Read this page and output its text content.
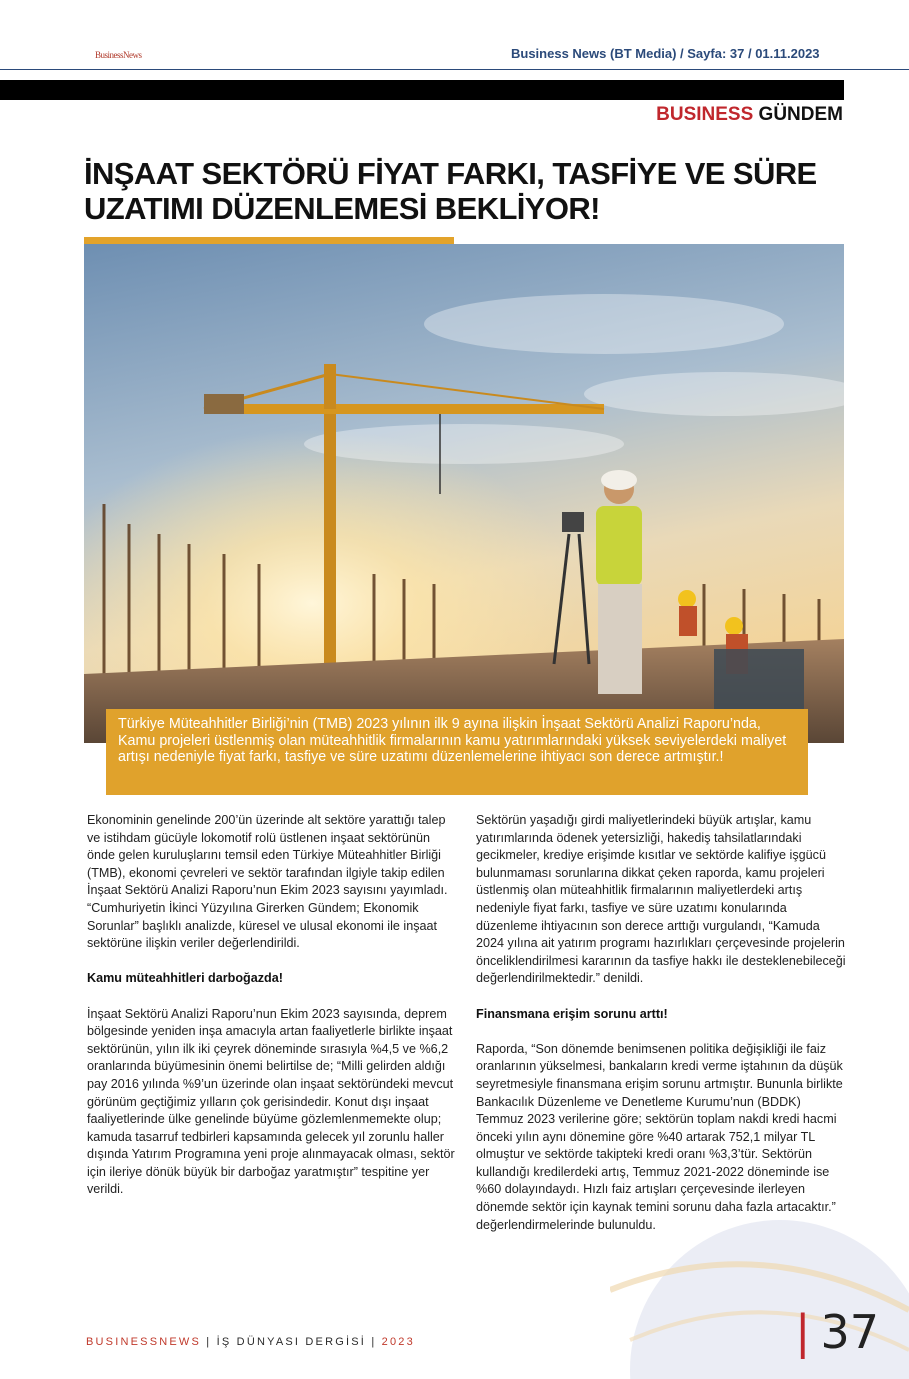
BusinessNews	Business News (BT Media) / Sayfa: 37 / 01.11.2023
BUSINESS GÜNDEM
İNŞAAT SEKTÖRÜ FİYAT FARKI, TASFİYE VE SÜRE UZATIMI DÜZENLEMESİ BEKLİYOR!
Türkiye Müteahhitler Birliği’nin (TMB) 2023 yılının ilk 9 ayına ilişkin İnşaat Sektörü Analizi Raporu’nda, Kamu projeleri üstlenmiş olan müteahhitlik firmalarının kamu yatırımlarındaki yüksek seviyelerdeki maliyet artışı nedeniyle fiyat farkı, tasfiye ve süre uzatımı düzenlemelerine ihtiyacı son derece artmıştır.!

Ekonominin genelinde 200’ün üzerinde alt sektöre yarattığı talep ve istihdam gücüyle lokomotif rolü üstlenen inşaat sektörünün önde gelen kuruluşlarını temsil eden Türkiye Müteahhitler Birliği (TMB), ekonomi çevreleri ve sektör tarafından ilgiyle takip edilen İnşaat Sektörü Analizi Raporu’nun Ekim 2023 sayısını yayımladı. “Cumhuriyetin İkinci Yüzyılına Girerken Gündem; Ekonomik Sorunlar” başlıklı analizde, küresel ve ulusal ekonomi ile inşaat sektörüne ilişkin veriler değerlendirildi.

Kamu müteahhitleri darboğazda!

İnşaat Sektörü Analizi Raporu’nun Ekim 2023 sayısında, deprem bölgesinde yeniden inşa amacıyla artan faaliyetlerle birlikte inşaat sektörünün, yılın ilk iki çeyrek döneminde sırasıyla %4,5 ve %6,2 oranlarında büyümesinin önemi belirtilse de; “Milli gelirden aldığı pay 2016 yılında %9’un üzerinde olan inşaat sektöründeki mevcut görünüm geçtiğimiz yılların çok gerisindedir. Konut dışı inşaat faaliyetlerinde ülke genelinde büyüme gözlemlenmemekte olup; kamuda tasarruf tedbirleri kapsamında gelecek yıl zorunlu haller dışında Yatırım Programına yeni proje alınmayacak olması, sektör için ileriye dönük büyük bir darboğaz yaratmıştır” tespitine yer verildi.

Sektörün yaşadığı girdi maliyetlerindeki büyük artışlar, kamu yatırımlarında ödenek yetersizliği, hakediş tahsilatlarındaki gecikmeler, krediye erişimde kısıtlar ve sektörde kalifiye işgücü bulunmaması sorunlarına dikkat çeken raporda, kamu projeleri üstlenmiş olan müteahhitlik firmalarının maliyetlerdeki artış nedeniyle fiyat farkı, tasfiye ve süre uzatımı konularında düzenleme ihtiyacının son derece arttığı vurgulandı, “Kamuda 2024 yılına ait yatırım programı hazırlıkları çerçevesinde projelerin önceliklendirilmesi kararının da tasfiye hakkı ile desteklenebileceği değerlendirilmektedir.” denildi.

Finansmana erişim sorunu arttı!

Raporda, “Son dönemde benimsenen politika değişikliği ile faiz oranlarının yükselmesi, bankaların kredi verme iştahının da düşük seyretmesiyle finansmana erişim sorunu artmıştır. Bununla birlikte Bankacılık Düzenleme ve Denetleme Kurumu’nun (BDDK) Temmuz 2023 verilerine göre; sektörün toplam nakdi kredi hacmi önceki yılın aynı dönemine göre %40 artarak 752,1 milyar TL olmuştur ve sektörde takipteki kredi oranı %3,3’tür. Sektörün kullandığı kredilerdeki artış, Temmuz 2021-2022 döneminde ise %60 dolayındaydı. Hızlı faiz artışları çerçevesinde ilerleyen dönemde sektör için kaynak temini sorunu daha fazla artacaktır.” değerlendirmelerinde bulunuldu.

| 37
BUSINESSNEWS | İŞ DÜNYASI DERGİSİ | 2023
